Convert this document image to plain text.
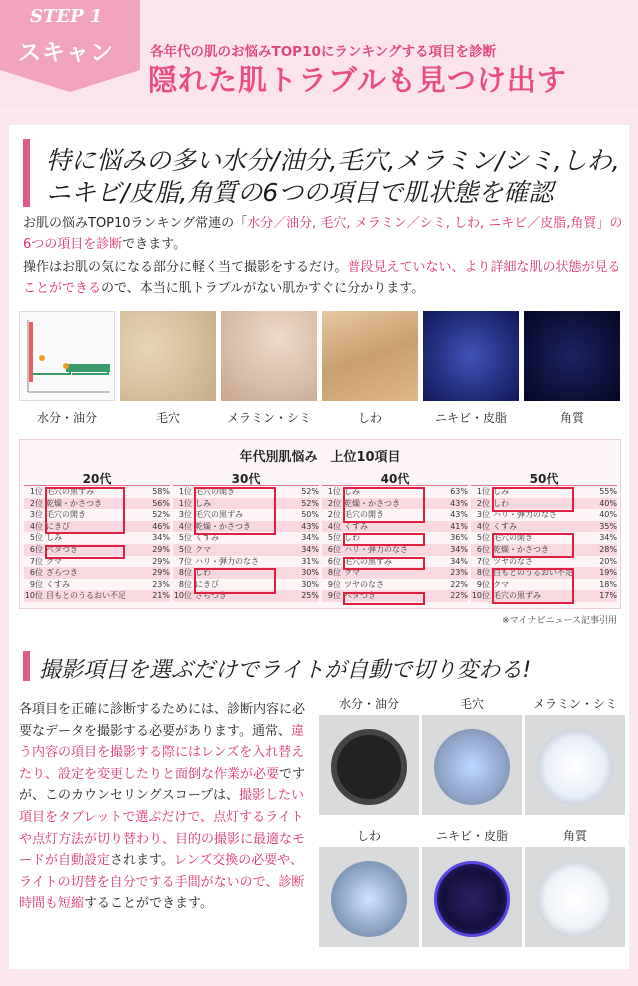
STEP 1
スキャン	各年代の肌のお悩みTOP10にランキングする項目を診断
隠れた肌トラブルも見つけ出す
特に悩みの多い水分/油分,毛穴,メラミン/シミ,しわ,
ニキビ/皮脂,角質の6つの項目で肌状態を確認
お肌の悩みTOP10ランキング常連の「水分／油分, 毛穴, メラミン／シミ, しわ, ニキビ／皮脂,角質」の6つの項目を診断できます。
操作はお肌の気になる部分に軽く当て撮影をするだけ。普段見えていない、より詳細な肌の状態が見ることができるので、本当に肌トラブルがない肌かすぐに分かります。
水分・油分	毛穴	メラミン・シミ	しわ	ニキビ・皮脂	角質
年代別肌悩み　上位10項目
20代
1位 毛穴の黒ずみ	58%
2位 乾燥・かさつき	56%
3位 毛穴の開き	52%
4位 にきび	46%
5位 しみ	34%
6位 ベタつき	29%
7位 クマ	29%
6位 ざらつき	29%
9位 くすみ	23%
10位 目もとのうるおい不足	21%
30代
1位 毛穴の開き	52%
1位 しみ	52%
3位 毛穴の黒ずみ	50%
4位 乾燥・かさつき	43%
5位 くすみ	34%
5位 クマ	34%
7位 ハリ・弾力のなさ	31%
8位 しわ	30%
8位 にきび	30%
10位 ざらつき	25%
40代
1位 しみ	63%
2位 乾燥・かさつき	43%
2位 毛穴の開き	43%
4位 くすみ	41%
5位 しわ	36%
6位 ハリ・弾力のなさ	34%
6位 毛穴の黒ずみ	34%
8位 クマ	23%
9位 ツヤのなさ	22%
9位 ベタつき	22%
50代
1位 しみ	55%
2位 しわ	40%
3位 ハリ・弾力のなさ	40%
4位 くすみ	35%
5位 毛穴の開き	34%
6位 乾燥・かさつき	28%
7位 ツヤのなさ	20%
8位 目もとのうるおい不足	19%
9位 クマ	18%
10位 毛穴の黒ずみ	17%
※マイナビニュース記事引用
撮影項目を選ぶだけでライトが自動で切り変わる!
各項目を正確に診断するためには、診断内容に必要なデータを撮影する必要があります。通常、違う内容の項目を撮影する際にはレンズを入れ替えたり、設定を変更したりと面倒な作業が必要ですが、このカウンセリングスコープは、撮影したい項目をタブレットで選ぶだけで、点灯するライトや点灯方法が切り替わり、目的の撮影に最適なモードが自動設定されます。レンズ交換の必要や、ライトの切替を自分でする手間がないので、診断時間も短縮することができます。
水分・油分	毛穴	メラミン・シミ
しわ	ニキビ・皮脂	角質
